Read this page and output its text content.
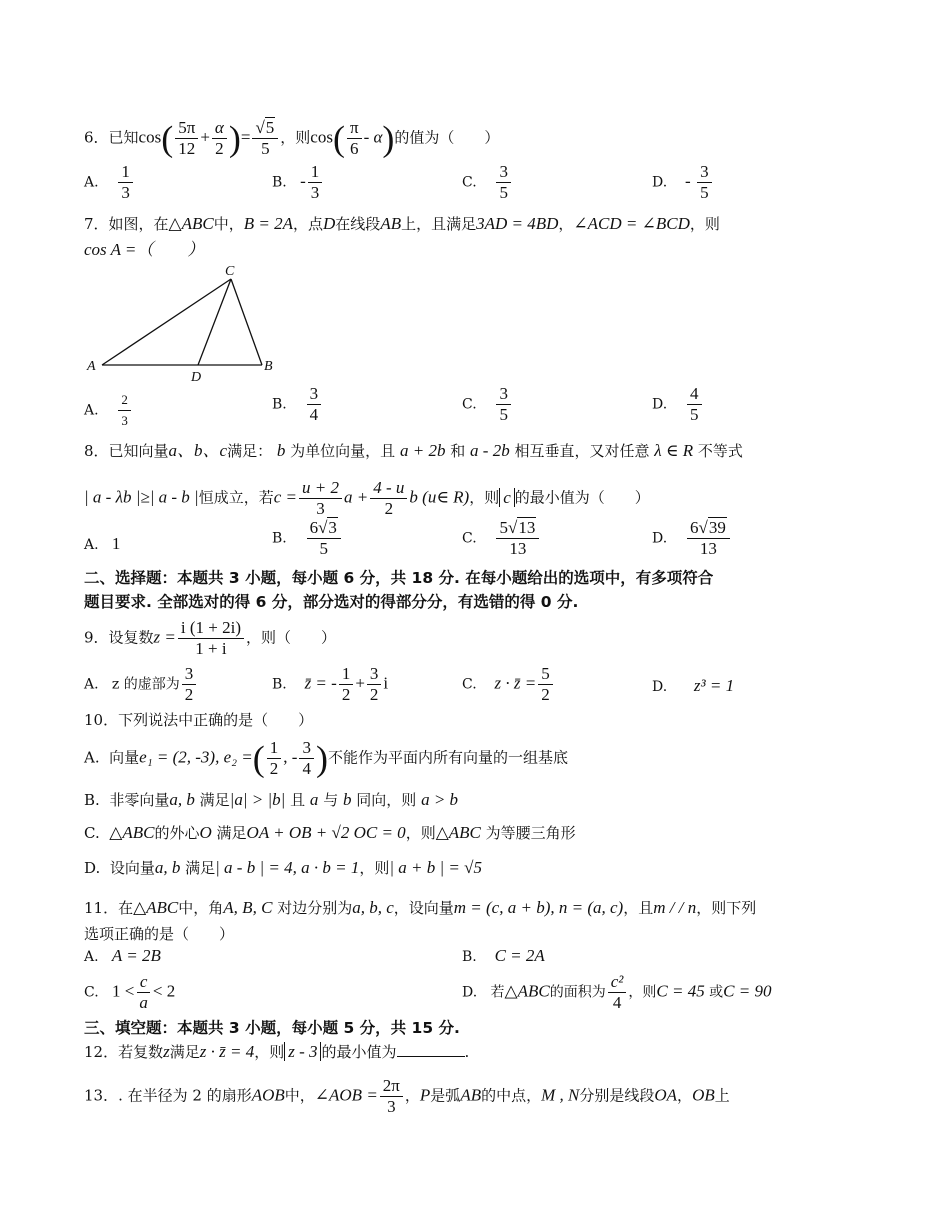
6．已知$\cos( \frac{5\pi}{12} + \frac{\alpha}{2}$ )= $\frac{√5}{5}$ ，则$\cos( \frac{\pi}{6} - \alpha)$的值为（　　）
A. $\frac{1}{3}$	B. - $\frac{1}{3}$	C. $\frac{3}{5}$	D. - $\frac{3}{5}$
7．如图，在△ABC中，B = 2A，点D在线段AB上，且满足3AD = 4BD，∠ACD = ∠BCD，则
cos A =（　　）
A
C
B
D
A. $\frac{2}{3}$	B. $\frac{3}{4}$	C. $\frac{3}{5}$	D. $\frac{4}{5}$
8．已知向量a、b、c满足： b 为单位向量，且 a + 2b 和 a - 2b 相互垂直，又对任意 λ ∈ R 不等式
| a - λb |≥| a - b |恒成立，若$c = \frac{u + 2}{3}$ $a + \frac{4 - u}{2}$ b (u∈ R)，则 c 的最小值为（　　）
A. 1	B. $\frac{6√3}{5}$	C. $\frac{5√13}{13}$	D. $\frac{6√39}{13}$
二、选择题：本题共 3 小题，每小题 6 分，共 18 分. 在每小题给出的选项中，有多项符合
题目要求. 全部选对的得 6 分，部分选对的得部分分，有选错的得 0 分.
9．设复数$z = \frac{i (1 + 2i)}{1 + i}$ ，则（　　）
A. z 的虚部为 $\frac{3}{2}$	B. z̄ = - $\frac{1}{2} + \frac{3}{2}$ i	C. z · z̄ = $\frac{5}{2}$	D. z³ = 1
10．下列说法中正确的是（　　）
A. 向量e₁ = (2, -3), e₂ =( $\frac{1}{2}$ , - $\frac{3}{4}$ )不能作为平面内所有向量的一组基底
B. 非零向量a, b 满足|a| > |b| 且 a 与 b 同向，则 a > b
C. △ABC的外心O 满足OA + OB + √2 OC = 0，则△ABC 为等腰三角形
D. 设向量a, b 满足| a - b | = 4, a · b = 1，则| a + b | = √5
11．在△ABC中，角A, B, C 对边分别为a, b, c，设向量m = (c, a + b), n = (a, c)，且m / / n，则下列
选项正确的是（　　）
A. A = 2B	B. C = 2A
C. $1 < \frac{c}{a} < 2$	D. 若△ABC的面积为 $\frac{\text{c²}}{4}$ ，则C = 45 或C = 90
三、填空题：本题共 3 小题，每小题 5 分，共 15 分.
12．若复数z满足z · z̄ = 4，则 z - 3 的最小值为	.
13．. 在半径为 2 的扇形AOB中，∠AOB = $\frac{2\pi}{3}$ ，P是弧AB的中点，M , N分别是线段OA，OB上
